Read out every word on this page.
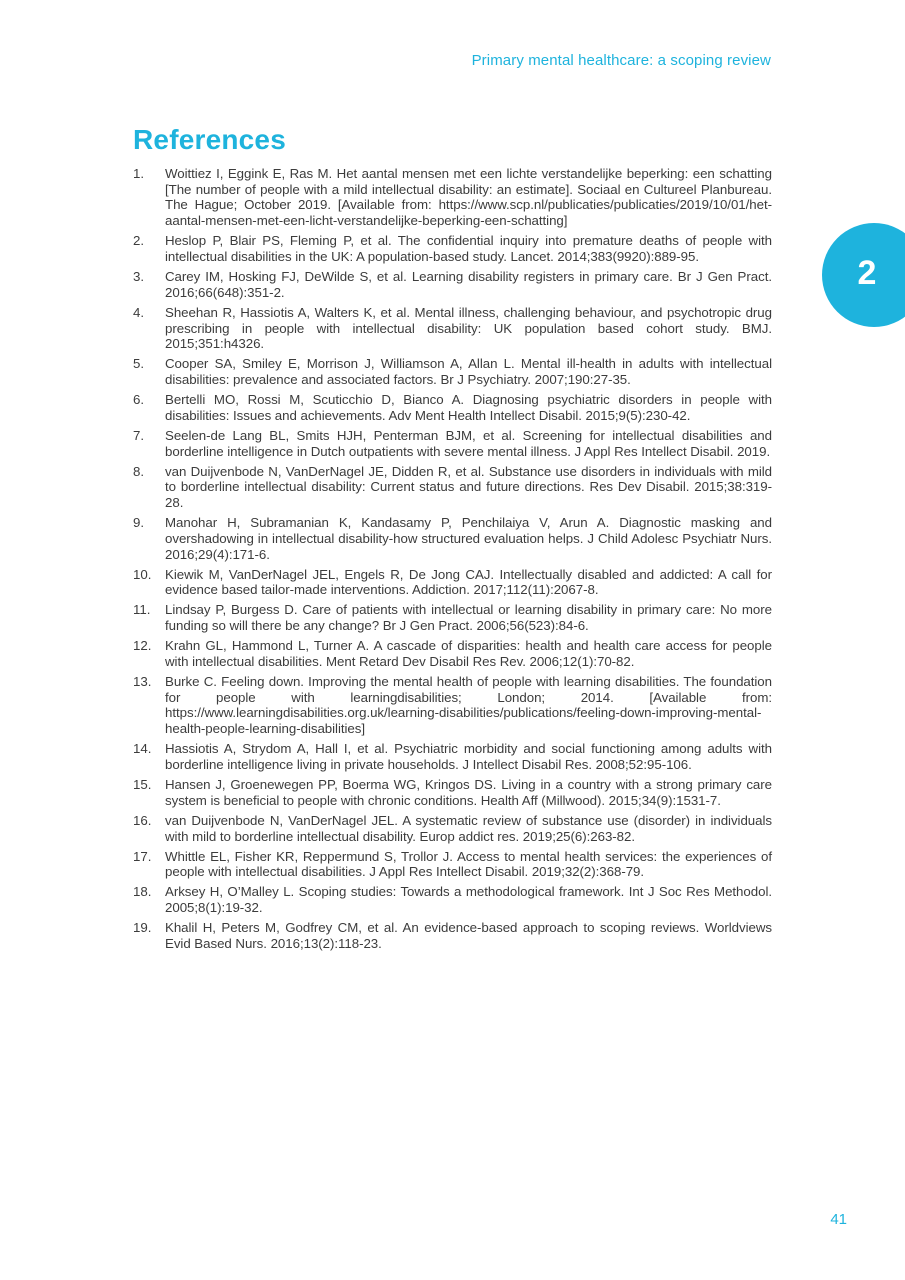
Primary mental healthcare: a scoping review
References
2
1.	Woittiez I, Eggink E, Ras M. Het aantal mensen met een lichte verstandelijke beperking: een schatting [The number of people with a mild intellectual disability: an estimate]. Sociaal en Cultureel Planbureau. The Hague; October 2019. [Available from: https://www.scp.nl/publicaties/publicaties/2019/10/01/het-aantal-mensen-met-een-licht-verstandelijke-beperking-een-schatting]
2.	Heslop P, Blair PS, Fleming P, et al. The confidential inquiry into premature deaths of people with intellectual disabilities in the UK: A population-based study. Lancet. 2014;383(9920):889-95.
3.	Carey IM, Hosking FJ, DeWilde S, et al. Learning disability registers in primary care. Br J Gen Pract. 2016;66(648):351-2.
4.	Sheehan R, Hassiotis A, Walters K, et al. Mental illness, challenging behaviour, and psychotropic drug prescribing in people with intellectual disability: UK population based cohort study. BMJ. 2015;351:h4326.
5.	Cooper SA, Smiley E, Morrison J, Williamson A, Allan L. Mental ill-health in adults with intellectual disabilities: prevalence and associated factors. Br J Psychiatry. 2007;190:27-35.
6.	Bertelli MO, Rossi M, Scuticchio D, Bianco A. Diagnosing psychiatric disorders in people with disabilities: Issues and achievements. Adv Ment Health Intellect Disabil. 2015;9(5):230-42.
7.	Seelen-de Lang BL, Smits HJH, Penterman BJM, et al. Screening for intellectual disabilities and borderline intelligence in Dutch outpatients with severe mental illness. J Appl Res Intellect Disabil. 2019.
8.	van Duijvenbode N, VanDerNagel JE, Didden R, et al. Substance use disorders in individuals with mild to borderline intellectual disability: Current status and future directions. Res Dev Disabil. 2015;38:319-28.
9.	Manohar H, Subramanian K, Kandasamy P, Penchilaiya V, Arun A. Diagnostic masking and overshadowing in intellectual disability-how structured evaluation helps. J Child Adolesc Psychiatr Nurs. 2016;29(4):171-6.
10.	Kiewik M, VanDerNagel JEL, Engels R, De Jong CAJ. Intellectually disabled and addicted: A call for evidence based tailor-made interventions. Addiction. 2017;112(11):2067-8.
11.	Lindsay P, Burgess D. Care of patients with intellectual or learning disability in primary care: No more funding so will there be any change? Br J Gen Pract. 2006;56(523):84-6.
12.	Krahn GL, Hammond L, Turner A. A cascade of disparities: health and health care access for people with intellectual disabilities. Ment Retard Dev Disabil Res Rev. 2006;12(1):70-82.
13.	Burke C. Feeling down. Improving the mental health of people with learning disabilities. The foundation for people with learningdisabilities; London; 2014. [Available from: https://www.learningdisabilities.org.uk/learning-disabilities/publications/feeling-down-improving-mental-health-people-learning-disabilities]
14.	Hassiotis A, Strydom A, Hall I, et al. Psychiatric morbidity and social functioning among adults with borderline intelligence living in private households. J Intellect Disabil Res. 2008;52:95-106.
15.	Hansen J, Groenewegen PP, Boerma WG, Kringos DS. Living in a country with a strong primary care system is beneficial to people with chronic conditions. Health Aff (Millwood). 2015;34(9):1531-7.
16.	van Duijvenbode N, VanDerNagel JEL. A systematic review of substance use (disorder) in individuals with mild to borderline intellectual disability. Europ addict res. 2019;25(6):263-82.
17.	Whittle EL, Fisher KR, Reppermund S, Trollor J. Access to mental health services: the experiences of people with intellectual disabilities. J Appl Res Intellect Disabil. 2019;32(2):368-79.
18.	Arksey H, O’Malley L. Scoping studies: Towards a methodological framework. Int J Soc Res Methodol. 2005;8(1):19-32.
19.	Khalil H, Peters M, Godfrey CM, et al. An evidence-based approach to scoping reviews. Worldviews Evid Based Nurs. 2016;13(2):118-23.
41
